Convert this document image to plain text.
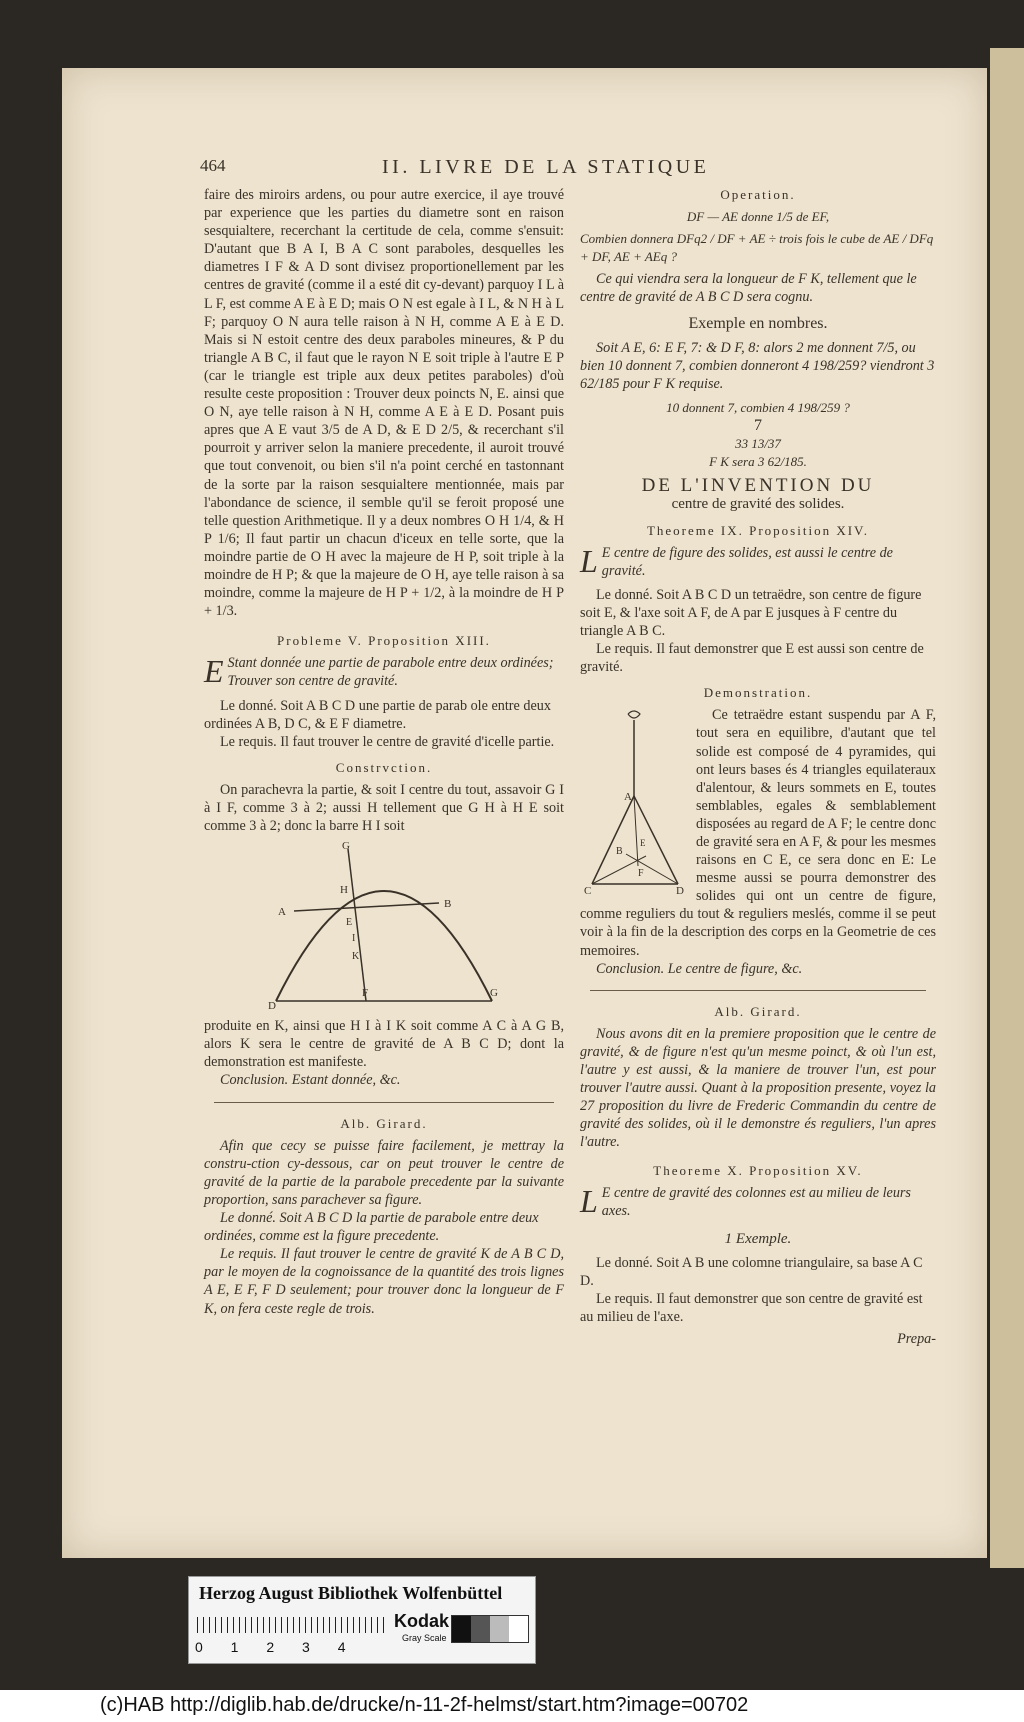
464	II. LIVRE DE LA STATIQUE

faire des miroirs ardens, ou pour autre exercice, il aye trouvé par experience que les parties du diametre sont en raison sesquialtere, recerchant la certitude de cela, comme s'ensuit: D'autant que B A I, B A C sont paraboles, desquelles les diametres I F & A D sont divisez proportionellement par les centres de gravité (comme il a esté dit cy-devant) parquoy I L à L F, est comme A E à E D; mais O N est egale à I L, & N H à L F; parquoy O N aura telle raison à N H, comme A E à E D. Mais si N estoit centre des deux paraboles mineures, & P du triangle A B C, il faut que le rayon N E soit triple à l'autre E P (car le triangle est triple aux deux petites paraboles) d'où resulte ceste proposition : Trouver deux poincts N, E. ainsi que O N, aye telle raison à N H, comme A E à E D. Posant puis apres que A E vaut 3/5 de A D, & E D 2/5, & recerchant s'il pourroit y arriver selon la maniere precedente, il auroit trouvé que tout convenoit, ou bien s'il n'a point cerché en tastonnant de la sorte par la raison sesquialtere mentionnée, mais par l'abondance de science, il semble qu'il se feroit proposé une telle question Arithmetique. Il y a deux nombres O H 1/4, & H P 1/6; Il faut partir un chacun d'iceux en telle sorte, que la moindre partie de O H avec la majeure de H P, soit triple à la moindre de H P; & que la majeure de O H, aye telle raison à sa moindre, comme la majeure de H P + 1/2, à la moindre de H P + 1/3.

Probleme V. Proposition XIII.

E Stant donnée une partie de parabole entre deux ordinées; Trouver son centre de gravité.

Le donné. Soit A B C D une partie de parab ole entre deux ordinées A B, D C, & E F diametre.

Le requis. Il faut trouver le centre de gravité d'icelle partie.

Constrvction.

On parachevra la partie, & soit I centre du tout, assavoir G I à I F, comme 3 à 2; aussi H tellement que G H à H E soit comme 3 à 2; donc la barre H I soit

G
H
A
B
E
I
K
D
F	G

produite en K, ainsi que H I à I K soit comme A C à A G B, alors K sera le centre de gravité de A B C D; dont la demonstration est manifeste.

Conclusion. Estant donnée, &c.

Alb. Girard.

Afin que cecy se puisse faire facilement, je mettray la constru-ction cy-dessous, car on peut trouver le centre de gravité de la partie de la parabole precedente par la suivante proportion, sans parachever sa figure.

Le donné. Soit A B C D la partie de parabole entre deux ordinées, comme est la figure precedente.

Le requis. Il faut trouver le centre de gravité K de A B C D, par le moyen de la cognoissance de la quantité des trois lignes A E, E F, F D seulement; pour trouver donc la longueur de F K, on fera ceste regle de trois.

Operation.

DF — AE donne 1/5 de EF,

Combien donnera DFq2 / DF + AE ÷ trois fois le cube de AE / DFq + DF, AE + AEq ?

Ce qui viendra sera la longueur de F K, tellement que le centre de gravité de A B C D sera cognu.

Exemple en nombres.

Soit A E, 6: E F, 7: & D F, 8: alors 2 me donnent 7/5, ou bien 10 donnent 7, combien donneront 4 198/259? viendront 3 62/185 pour F K requise.

10 donnent 7, combien 4 198/259 ?

7

33 13/37

F K sera 3 62/185.

DE L'INVENTION DU
centre de gravité des solides.
Theoreme IX. Proposition XIV.

L E centre de figure des solides, est aussi le centre de gravité.

Le donné. Soit A B C D un tetraëdre, son centre de figure soit E, & l'axe soit A F, de A par E jusques à F centre du triangle A B C.

Le requis. Il faut demonstrer que E est aussi son centre de gravité.

Demonstration.
A
B
E
F
C	D

Ce tetraëdre estant suspendu par A F, tout sera en equilibre, d'autant que tel solide est composé de 4 pyramides, qui ont leurs bases és 4 triangles equilateraux d'alentour, & leurs sommets en E, toutes semblables, egales & semblablement disposées au regard de A F; le centre donc de gravité sera en A F, & pour les mesmes raisons en C E, ce sera donc en E: Le mesme aussi se pourra demonstrer des solides qui ont un centre de figure, comme reguliers du tout & reguliers meslés, comme il se peut voir à la fin de la description des corps en la Geometrie de ces memoires.

Conclusion. Le centre de figure, &c.

Alb. Girard.

Nous avons dit en la premiere proposition que le centre de gravité, & de figure n'est qu'un mesme poinct, & où l'un est, l'autre y est aussi, & la maniere de trouver l'un, est pour trouver l'autre aussi. Quant à la proposition presente, voyez la 27 proposition du livre de Frederic Commandin du centre de gravité des solides, où il le demonstre és reguliers, l'un apres l'autre.

Theoreme X. Proposition XV.

L E centre de gravité des colonnes est au milieu de leurs axes.

1 Exemple.

Le donné. Soit A B une colomne triangulaire, sa base A C D.

Le requis. Il faut demonstrer que son centre de gravité est au milieu de l'axe.

Prepa-

Herzog August Bibliothek Wolfenbüttel
0 1 2 3 4
Kodak
Gray Scale
(c)HAB http://diglib.hab.de/drucke/n-11-2f-helmst/start.htm?image=00702
